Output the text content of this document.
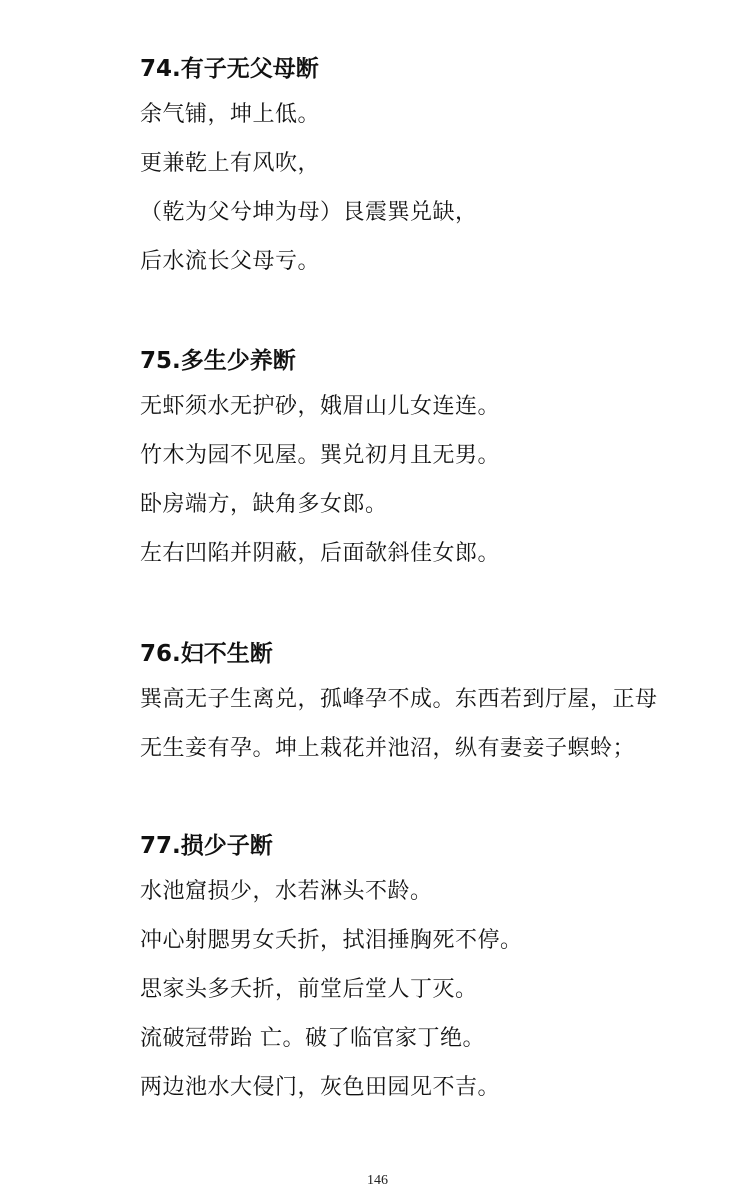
74.有子无父母断
余气铺，坤上低。
更兼乾上有风吹，
（乾为父兮坤为母）艮震巽兑缺，
后水流长父母亏。
75.多生少养断
无虾须水无护砂，娥眉山儿女连连。
竹木为园不见屋。巽兑初月且无男。
卧房端方，缺角多女郎。
左右凹陷并阴蔽，后面欹斜佳女郎。
76.妇不生断
巽高无子生离兑，孤峰孕不成。东西若到厅屋，正母
无生妾有孕。坤上栽花并池沼，纵有妻妾子螟蛉；
77.损少子断
水池窟损少，水若淋头不龄。
冲心射腮男女夭折，拭泪捶胸死不停。
思家头多夭折，前堂后堂人丁灭。
流破冠带跆 亡。破了临官家丁绝。
两边池水大侵门，灰色田园见不吉。
146
